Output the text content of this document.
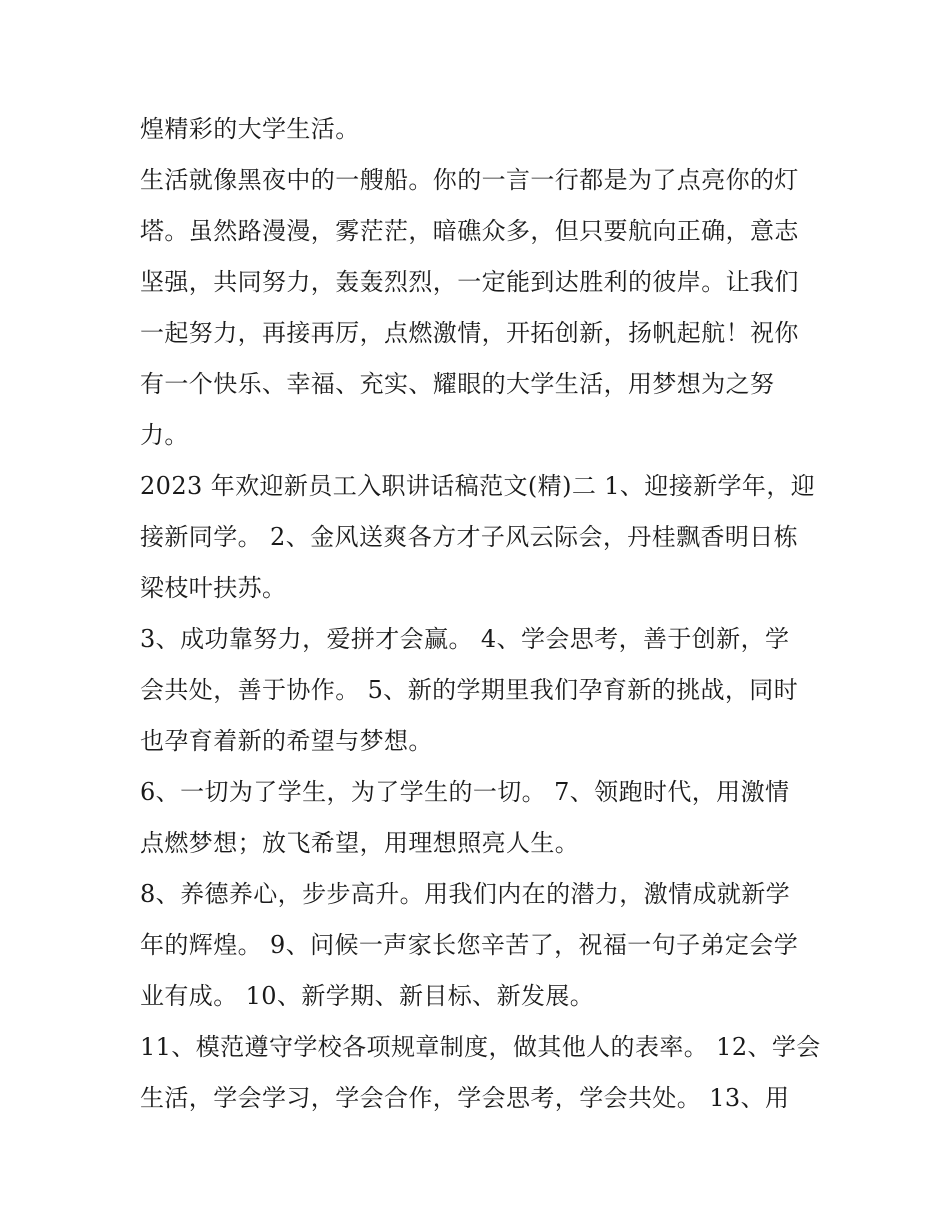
煌精彩的大学生活。

生活就像黑夜中的一艘船。你的一言一行都是为了点亮你的灯
塔。虽然路漫漫，雾茫茫，暗礁众多，但只要航向正确，意志
坚强，共同努力，轰轰烈烈，一定能到达胜利的彼岸。让我们
一起努力，再接再厉，点燃激情，开拓创新，扬帆起航！祝你
有一个快乐、幸福、充实、耀眼的大学生活，用梦想为之努
力。

2023 年欢迎新员工入职讲话稿范文(精)二 1、迎接新学年，迎
接新同学。 2、金风送爽各方才子风云际会，丹桂飘香明日栋
梁枝叶扶苏。

3、成功靠努力，爱拼才会赢。 4、学会思考，善于创新，学
会共处，善于协作。 5、新的学期里我们孕育新的挑战，同时
也孕育着新的希望与梦想。

6、一切为了学生，为了学生的一切。 7、领跑时代，用激情
点燃梦想；放飞希望，用理想照亮人生。

8、养德养心，步步高升。用我们内在的潜力，激情成就新学
年的辉煌。 9、问候一声家长您辛苦了，祝福一句子弟定会学
业有成。 10、新学期、新目标、新发展。

11、模范遵守学校各项规章制度，做其他人的表率。 12、学会
生活，学会学习，学会合作，学会思考，学会共处。 13、用
